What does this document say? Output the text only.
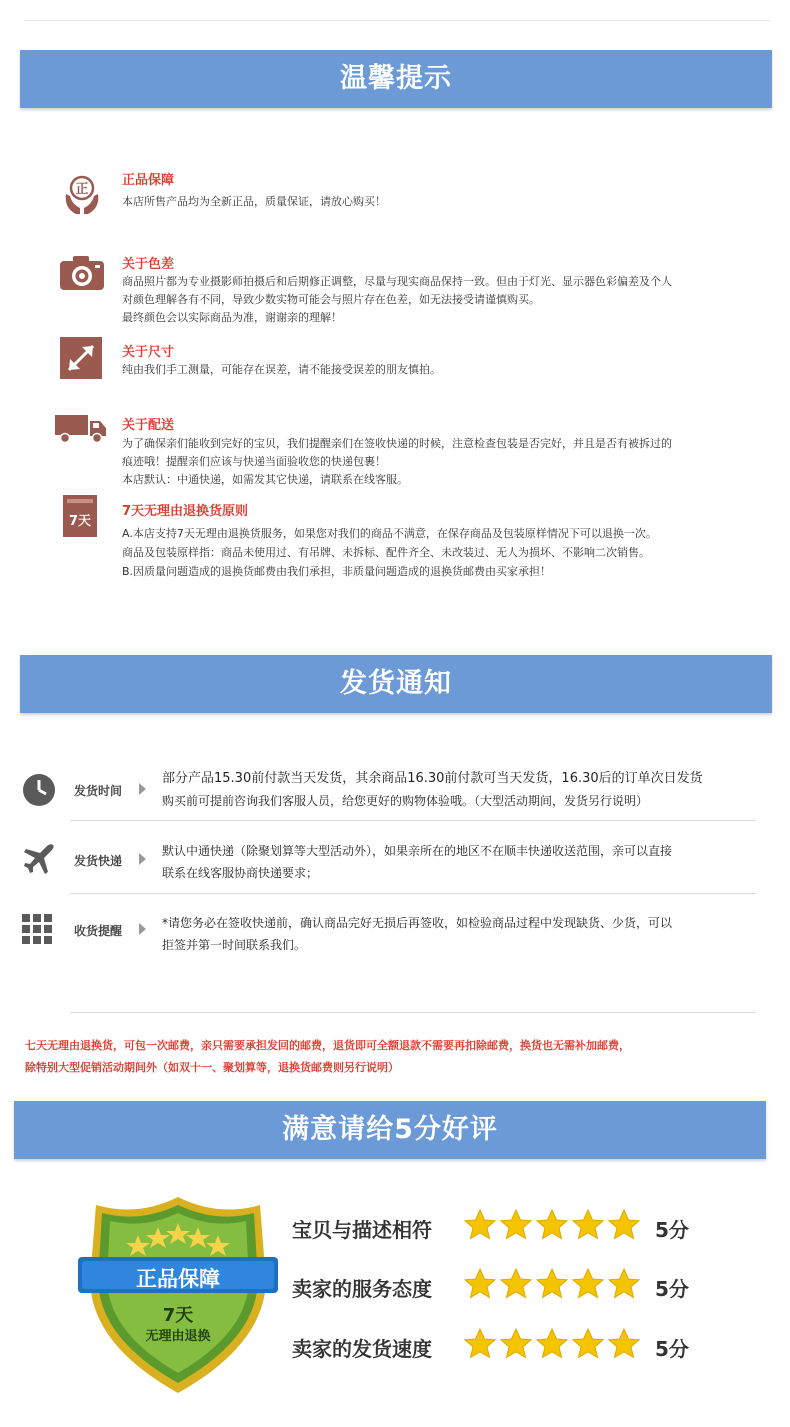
温馨提示
正
正品保障
本店所售产品均为全新正品，质量保证，请放心购买！
关于色差
商品照片都为专业摄影师拍摄后和后期修正调整，尽量与现实商品保持一致。但由于灯光、显示器色彩偏差及个人
对颜色理解各有不同，导致少数实物可能会与照片存在色差，如无法接受请谨慎购买。
最终颜色会以实际商品为准，谢谢亲的理解！
关于尺寸
纯由我们手工测量，可能存在误差，请不能接受误差的朋友慎拍。
关于配送
为了确保亲们能收到完好的宝贝，我们提醒亲们在签收快递的时候，注意检查包装是否完好，并且是否有被拆过的
痕迹哦！提醒亲们应该与快递当面验收您的快递包裹！
本店默认：中通快递，如需发其它快递，请联系在线客服。
7天
7天无理由退换货原则
A.本店支持7天无理由退换货服务，如果您对我们的商品不满意，在保存商品及包装原样情况下可以退换一次。
商品及包装原样指：商品未使用过、有吊牌、未拆标、配件齐全、未改装过、无人为损坏、不影响二次销售。
B.因质量问题造成的退换货邮费由我们承担，非质量问题造成的退换货邮费由买家承担！
发货通知
发货时间
部分产品15.30前付款当天发货，其余商品16.30前付款可当天发货，16.30后的订单次日发货
购买前可提前咨询我们客服人员，给您更好的购物体验哦。（大型活动期间，发货另行说明）
发货快递
默认中通快递（除聚划算等大型活动外），如果亲所在的地区不在顺丰快递收送范围，亲可以直接
联系在线客服协商快递要求；
收货提醒
*请您务必在签收快递前，确认商品完好无损后再签收，如检验商品过程中发现缺货、少货，可以
拒签并第一时间联系我们。
七天无理由退换货，可包一次邮费，亲只需要承担发回的邮费，退货即可全额退款不需要再扣除邮费，换货也无需补加邮费，
除特别大型促销活动期间外（如双十一、聚划算等，退换货邮费则另行说明）
满意请给5分好评
正品保障
7天
无理由退换
宝贝与描述相符	5分
卖家的服务态度	5分
卖家的发货速度	5分
